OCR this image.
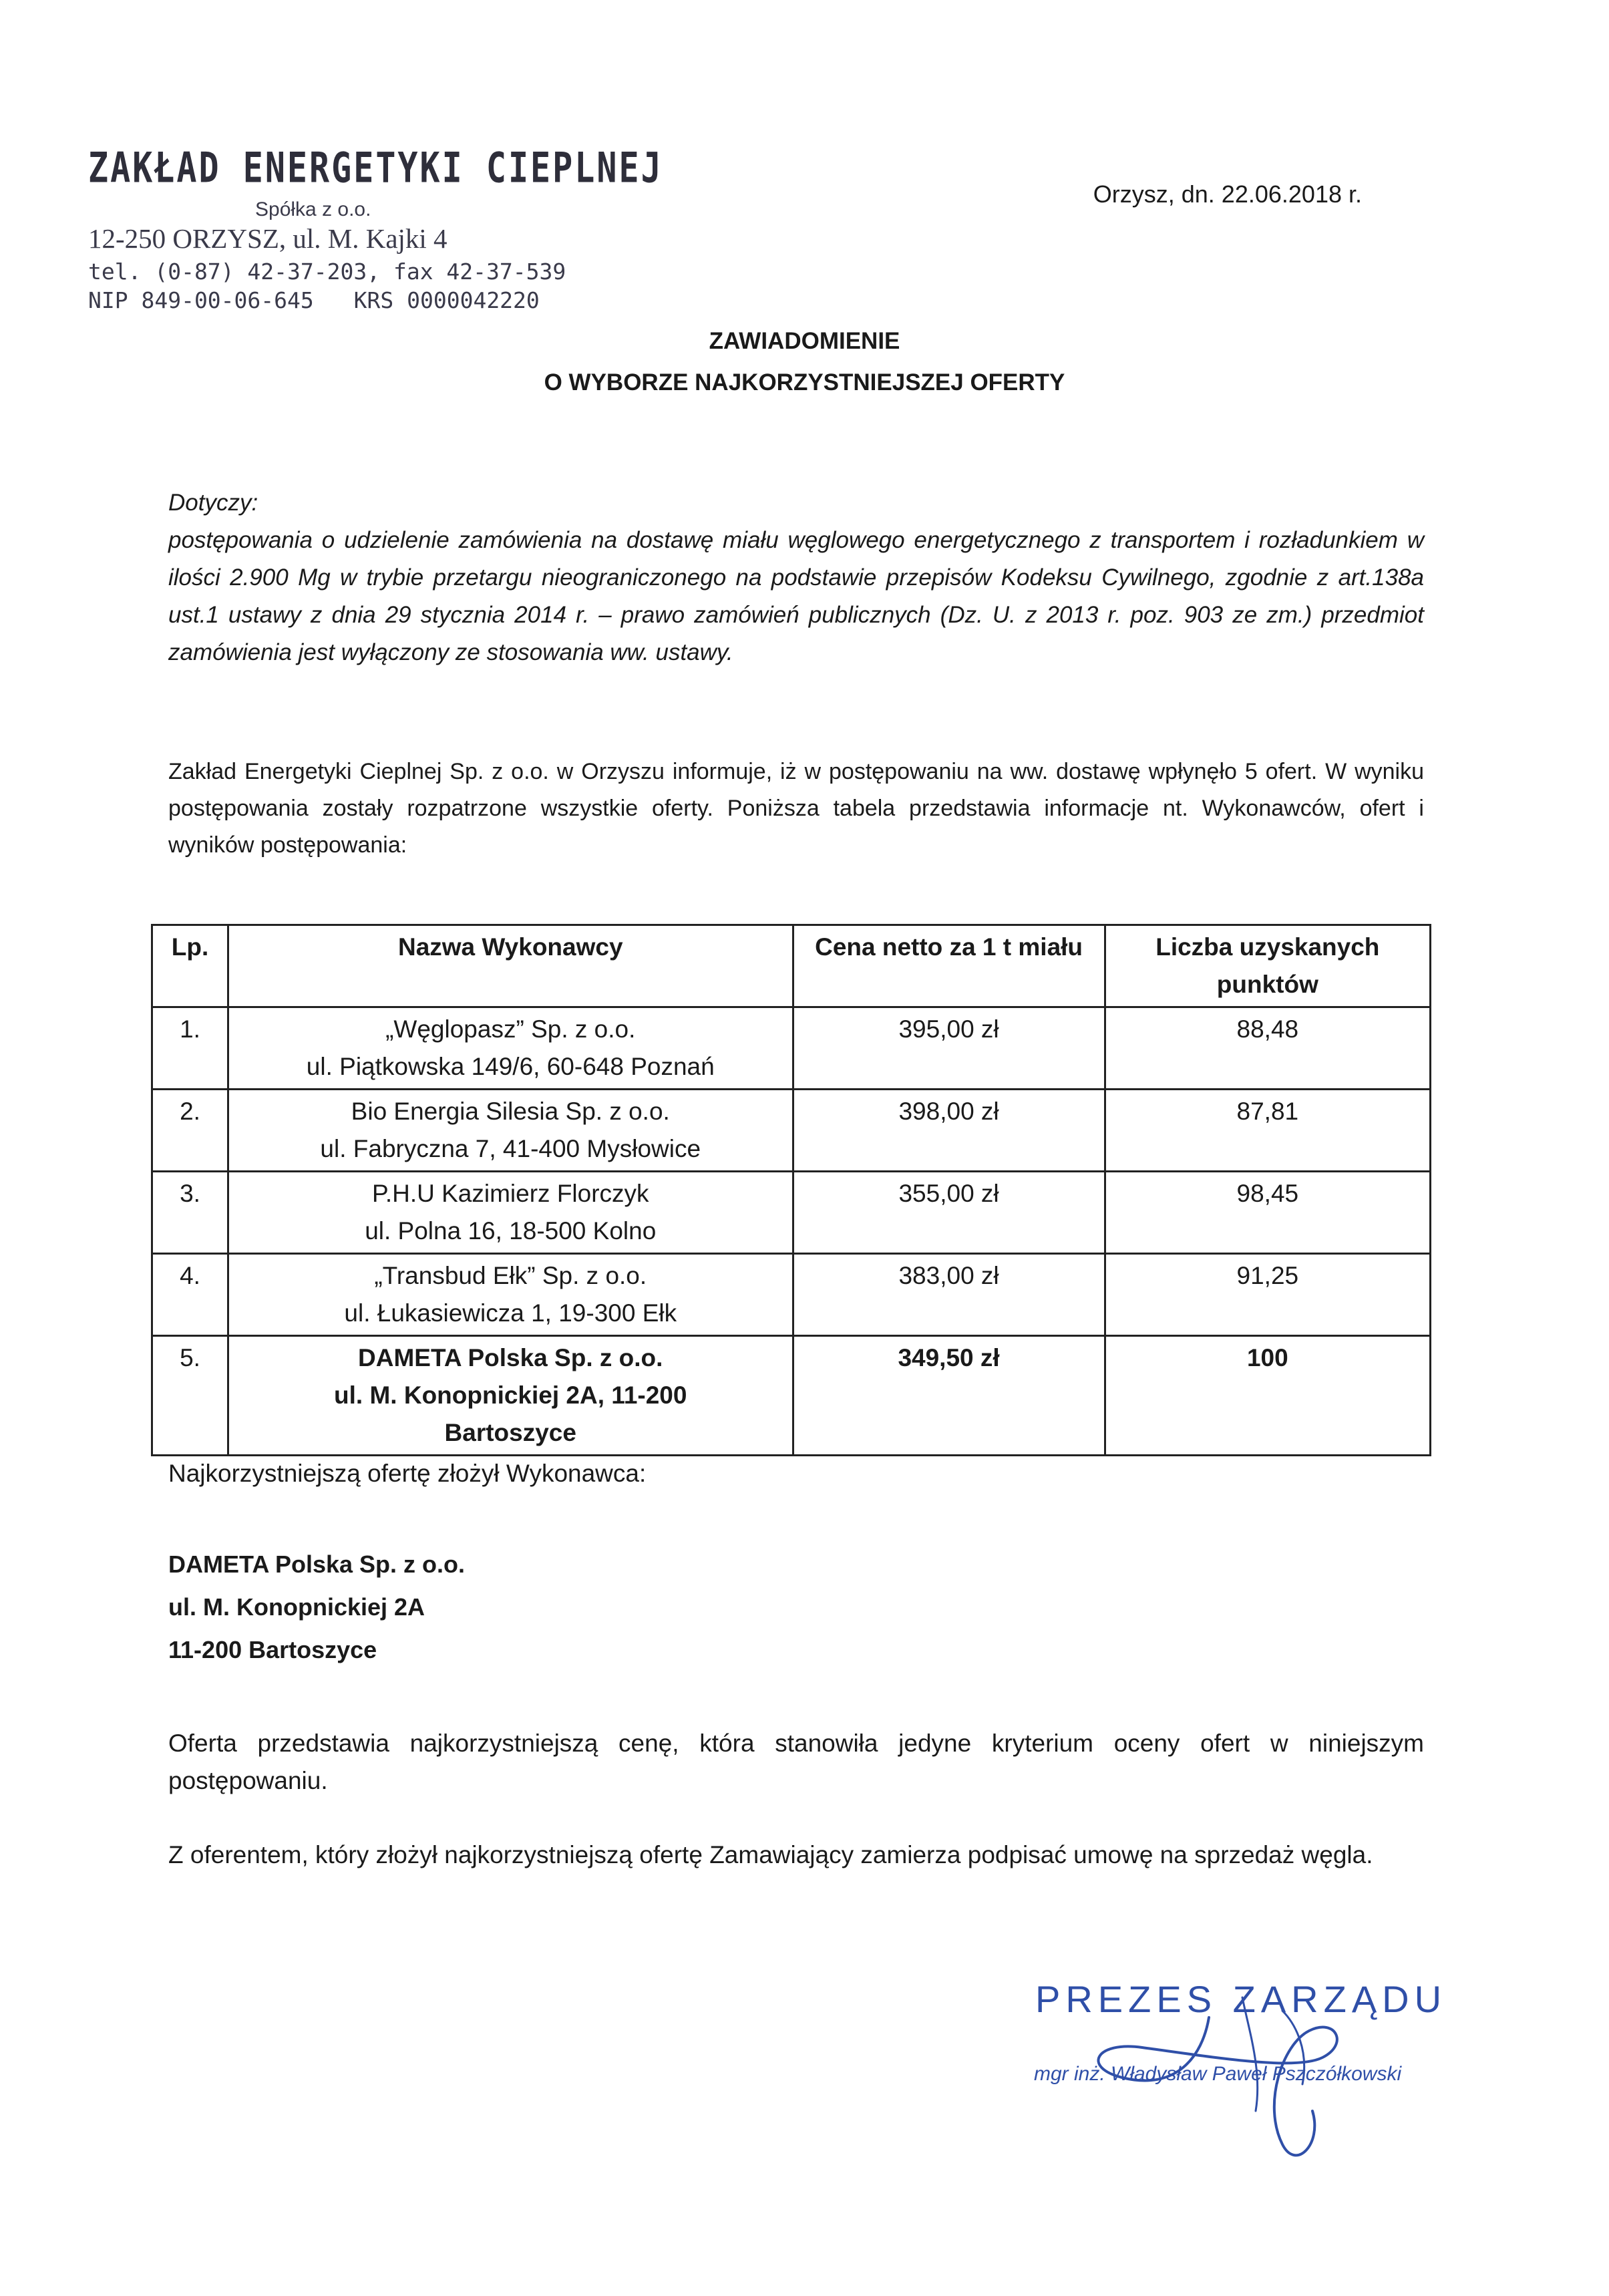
ZAKŁAD ENERGETYKI CIEPLNEJ
Spółka z o.o.
12-250 ORZYSZ, ul. M. Kajki 4
tel. (0-87) 42-37-203, fax 42-37-539
NIP 849-00-06-645 KRS 0000042220
Orzysz, dn. 22.06.2018 r.
ZAWIADOMIENIE
O WYBORZE NAJKORZYSTNIEJSZEJ OFERTY
Dotyczy:
postępowania o udzielenie zamówienia na dostawę miału węglowego energetycznego z transportem i rozładunkiem w ilości 2.900 Mg w trybie przetargu nieograniczonego na podstawie przepisów Kodeksu Cywilnego, zgodnie z art.138a ust.1 ustawy z dnia 29 stycznia 2014 r. – prawo zamówień publicznych (Dz. U. z 2013 r. poz. 903 ze zm.) przedmiot zamówienia jest wyłączony ze stosowania ww. ustawy.
Zakład Energetyki Cieplnej Sp. z o.o. w Orzyszu informuje, iż w postępowaniu na ww. dostawę wpłynęło 5 ofert. W wyniku postępowania zostały rozpatrzone wszystkie oferty. Poniższa tabela przedstawia informacje nt. Wykonawców, ofert i wyników postępowania:
Lp.	Nazwa Wykonawcy	Cena netto za 1 t miału	Liczba uzyskanych punktów
1.	„Węglopasz” Sp. z o.o.
ul. Piątkowska 149/6, 60-648 Poznań	395,00 zł	88,48
2.	Bio Energia Silesia Sp. z o.o.
ul. Fabryczna 7, 41-400 Mysłowice	398,00 zł	87,81
3.	P.H.U Kazimierz Florczyk
ul. Polna 16, 18-500 Kolno	355,00 zł	98,45
4.	„Transbud Ełk” Sp. z o.o.
ul. Łukasiewicza 1, 19-300 Ełk	383,00 zł	91,25
5.	DAMETA Polska Sp. z o.o.
ul. M. Konopnickiej 2A, 11-200
Bartoszyce	349,50 zł	100
Najkorzystniejszą ofertę złożył Wykonawca:
DAMETA Polska Sp. z o.o.
ul. M. Konopnickiej 2A
11-200 Bartoszyce
Oferta przedstawia najkorzystniejszą cenę, która stanowiła jedyne kryterium oceny ofert w niniejszym postępowaniu.
Z oferentem, który złożył najkorzystniejszą ofertę Zamawiający zamierza podpisać umowę na sprzedaż węgla.
PREZES ZARZĄDU
mgr inż. Władysław Paweł Pszczółkowski
